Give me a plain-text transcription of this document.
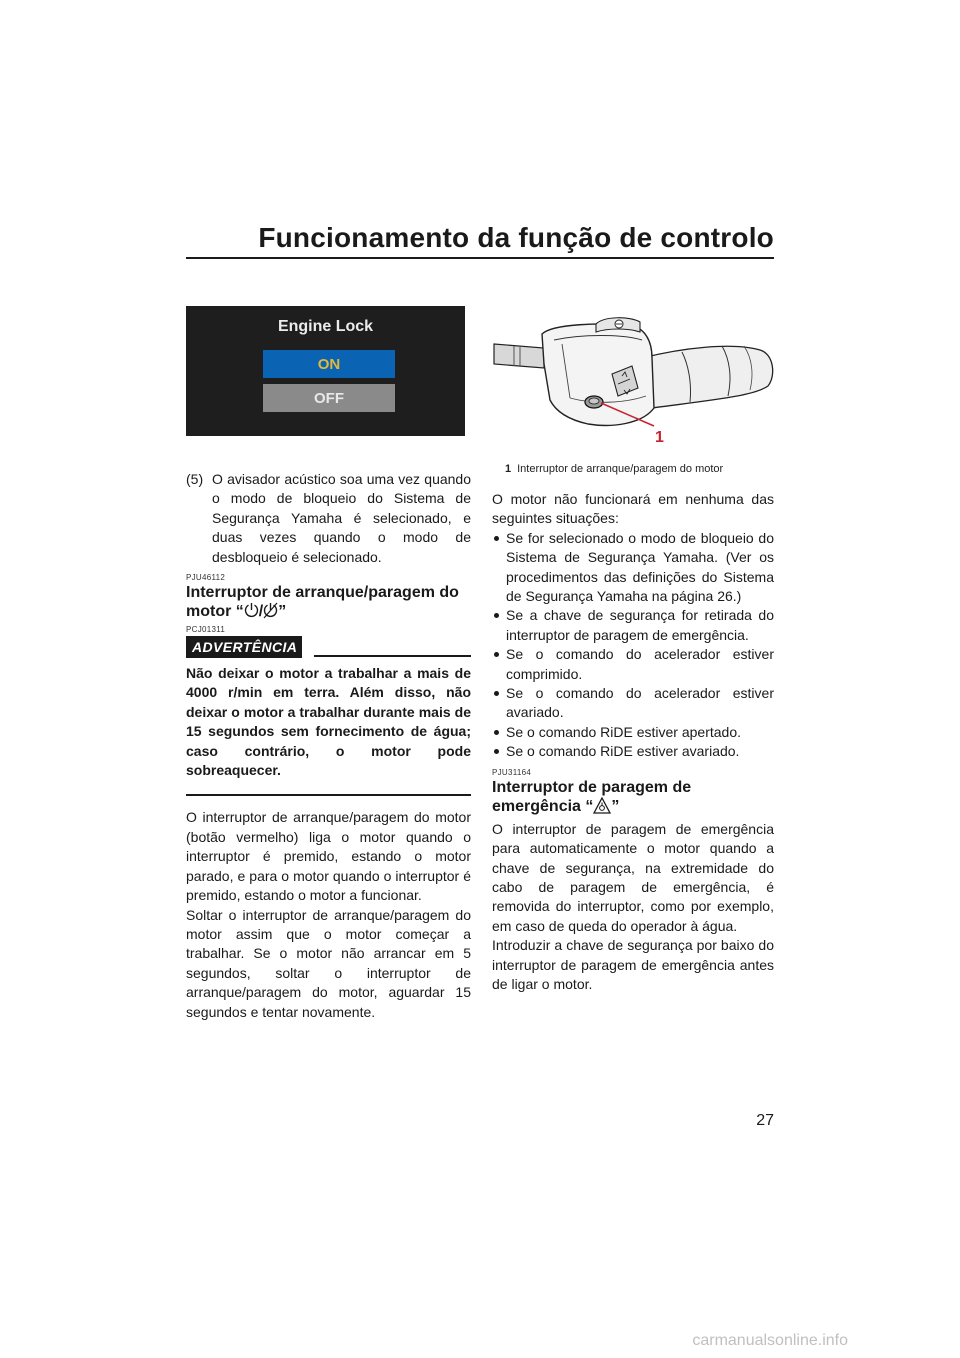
Funcionamento da função de controlo
Engine Lock
ON
OFF
1
1 Interruptor de arranque/paragem do motor
(5) O avisador acústico soa uma vez quando o modo de bloqueio do Sistema de Segurança Yamaha é selecionado, e duas vezes quando o modo de desbloqueio é selecionado.
PJU46112
Interruptor de arranque/paragem do
motor “ / ”
PCJ01311
ADVERTÊNCIA
Não deixar o motor a trabalhar a mais de 4000 r/min em terra. Além disso, não deixar o motor a trabalhar durante mais de 15 segundos sem fornecimento de água; caso contrário, o motor pode sobreaquecer.

O interruptor de arranque/paragem do motor (botão vermelho) liga o motor quando o interruptor é premido, estando o motor parado, e para o motor quando o interruptor é premido, estando o motor a funcionar.

Soltar o interruptor de arranque/paragem do motor assim que o motor começar a trabalhar. Se o motor não arrancar em 5 segundos, soltar o interruptor de arranque/paragem do motor, aguardar 15 segundos e tentar novamente.

O motor não funcionará em nenhuma das seguintes situações:

Se for selecionado o modo de bloqueio do Sistema de Segurança Yamaha. (Ver os procedimentos das definições do Sistema de Segurança Yamaha na página 26.)
Se a chave de segurança for retirada do interruptor de paragem de emergência.
Se o comando do acelerador estiver comprimido.
Se o comando do acelerador estiver avariado.
Se o comando RiDE estiver apertado.
Se o comando RiDE estiver avariado.
PJU31164
Interruptor de paragem de
emergência “ ”

O interruptor de paragem de emergência para automaticamente o motor quando a chave de segurança, na extremidade do cabo de paragem de emergência, é removida do interruptor, como por exemplo, em caso de queda do operador à água.

Introduzir a chave de segurança por baixo do interruptor de paragem de emergência antes de ligar o motor.

27
carmanualsonline.info
